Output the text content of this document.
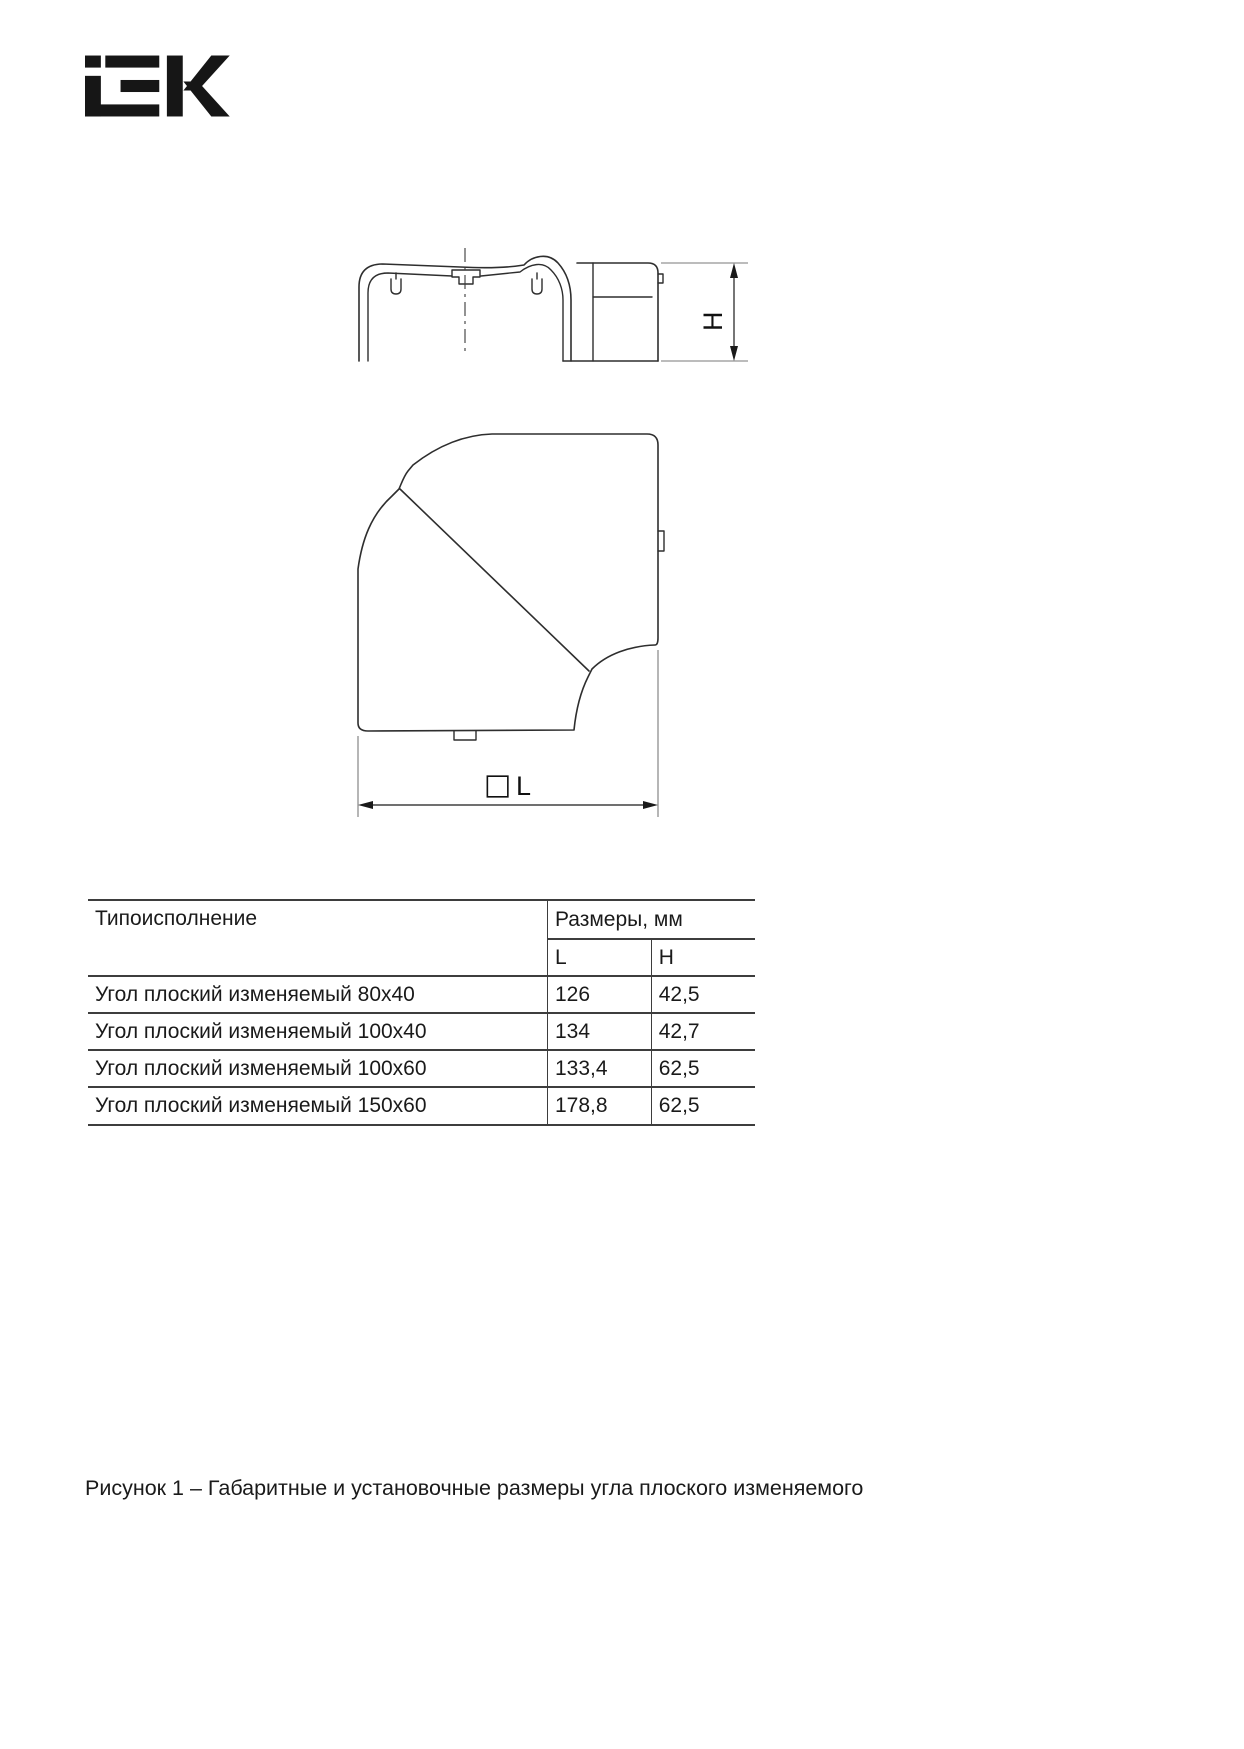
H
□ L
Типоисполнение	Размеры, мм	
	L	H
Угол плоский изменяемый 80x40	126	42,5
Угол плоский изменяемый 100x40	134	42,7
Угол плоский изменяемый 100x60	133,4	62,5
Угол плоский изменяемый 150x60	178,8	62,5
Рисунок 1 – Габаритные и установочные размеры угла плоского изменяемого
